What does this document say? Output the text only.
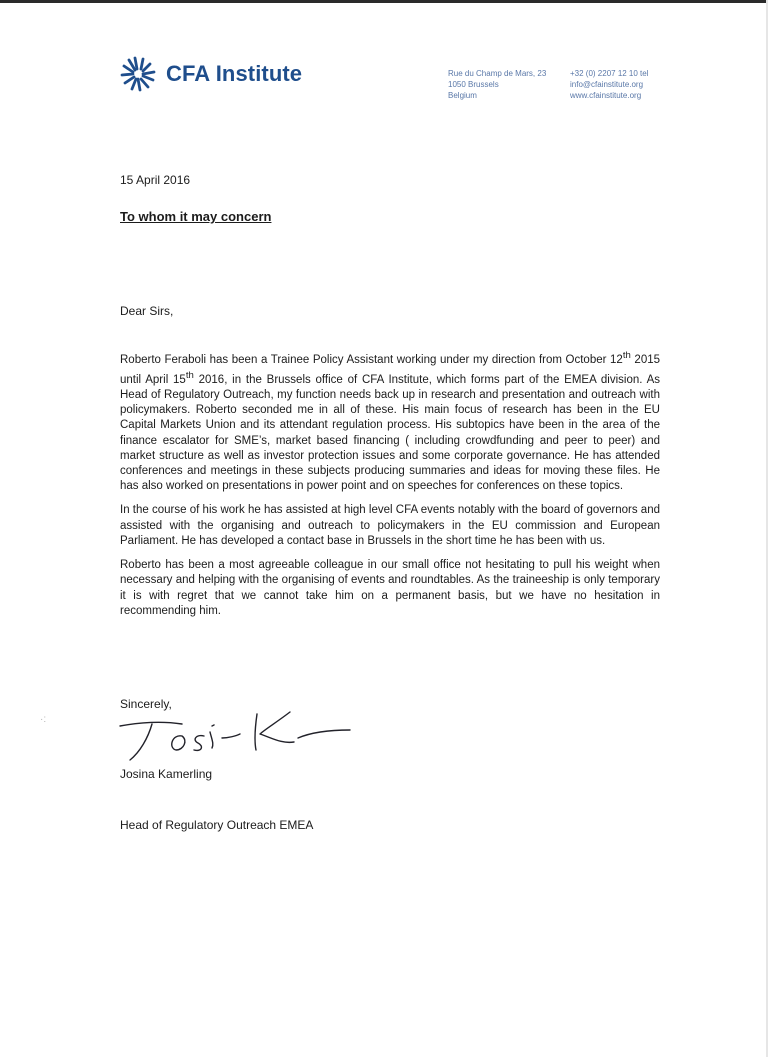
CFA Institute	Rue du Champ de Mars, 23
1050 Brussels
Belgium
+32 (0) 2207 12 10 tel
info@cfainstitute.org
www.cfainstitute.org
15 April 2016
To whom it may concern
Dear Sirs,

Roberto Feraboli has been a Trainee Policy Assistant working under my direction from October 12th 2015 until April 15th 2016, in the Brussels office of CFA Institute, which forms part of the EMEA division. As Head of Regulatory Outreach, my function needs back up in research and presentation and outreach with policymakers. Roberto seconded me in all of these. His main focus of research has been in the EU Capital Markets Union and its attendant regulation process. His subtopics have been in the area of the finance escalator for SME’s, market based financing ( including crowdfunding and peer to peer) and market structure as well as investor protection issues and some corporate governance. He has attended conferences and meetings in these subjects producing summaries and ideas for moving these files. He has also worked on presentations in power point and on speeches for conferences on these topics.

In the course of his work he has assisted at high level CFA events notably with the board of governors and assisted with the organising and outreach to policymakers in the EU commission and European Parliament. He has developed a contact base in Brussels in the short time he has been with us.

Roberto has been a most agreeable colleague in our small office not hesitating to pull his weight when necessary and helping with the organising of events and roundtables. As the traineeship is only temporary it is with regret that we cannot take him on a permanent basis, but we have no hesitation in recommending him.

Sincerely,
Josina Kamerling
Head of Regulatory Outreach EMEA
·:
